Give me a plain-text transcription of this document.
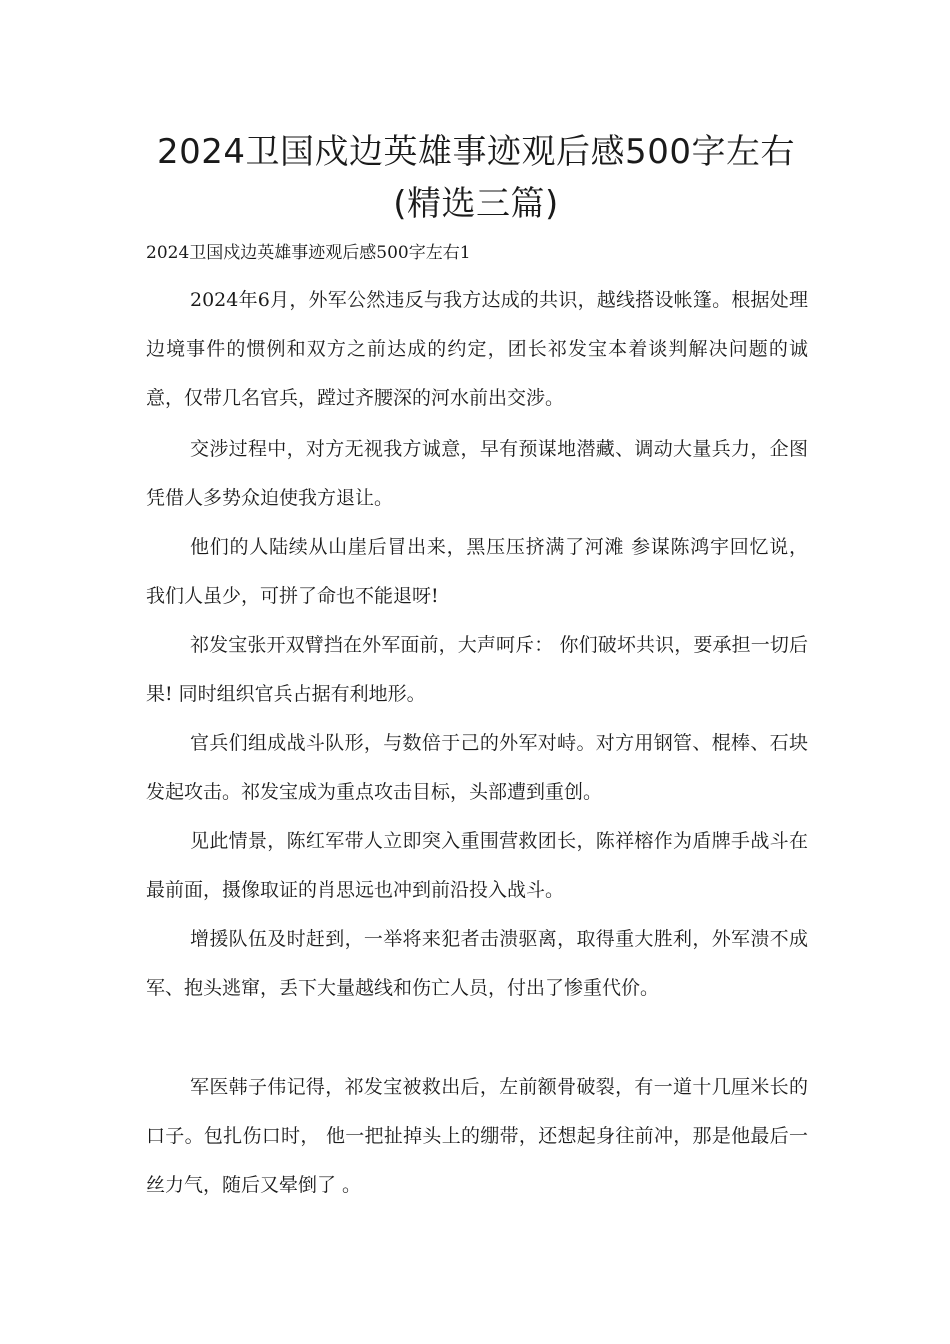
2024卫国戍边英雄事迹观后感500字左右(精选三篇)
2024卫国戍边英雄事迹观后感500字左右1

2024年6月，外军公然违反与我方达成的共识，越线搭设帐篷。根据处理边境事件的惯例和双方之前达成的约定，团长祁发宝本着谈判解决问题的诚意，仅带几名官兵，蹚过齐腰深的河水前出交涉。

交涉过程中，对方无视我方诚意，早有预谋地潜藏、调动大量兵力，企图凭借人多势众迫使我方退让。

他们的人陆续从山崖后冒出来，黑压压挤满了河滩 参谋陈鸿宇回忆说， 我们人虽少，可拼了命也不能退呀!

祁发宝张开双臂挡在外军面前，大声呵斥： 你们破坏共识，要承担一切后果! 同时组织官兵占据有利地形。

官兵们组成战斗队形，与数倍于己的外军对峙。对方用钢管、棍棒、石块发起攻击。祁发宝成为重点攻击目标，头部遭到重创。

见此情景，陈红军带人立即突入重围营救团长，陈祥榕作为盾牌手战斗在最前面，摄像取证的肖思远也冲到前沿投入战斗。

增援队伍及时赶到，一举将来犯者击溃驱离，取得重大胜利，外军溃不成军、抱头逃窜，丢下大量越线和伤亡人员，付出了惨重代价。

军医韩子伟记得，祁发宝被救出后，左前额骨破裂，有一道十几厘米长的口子。包扎伤口时， 他一把扯掉头上的绷带，还想起身往前冲，那是他最后一丝力气，随后又晕倒了 。
